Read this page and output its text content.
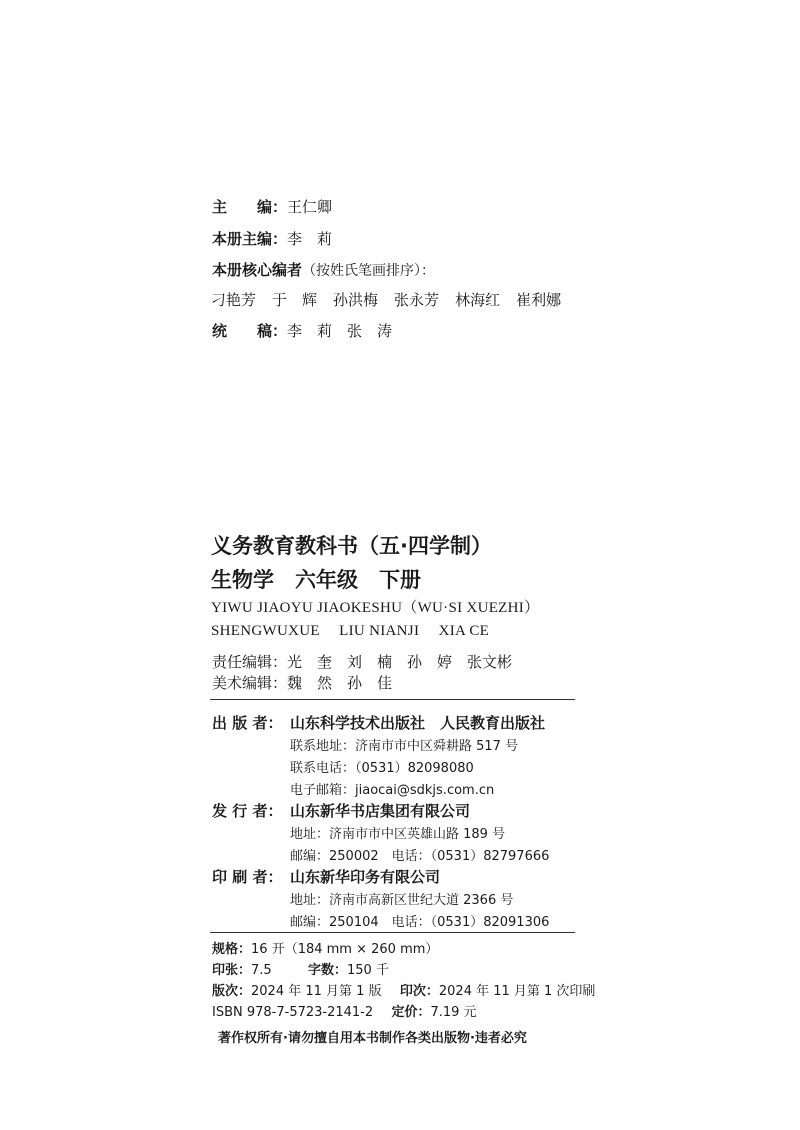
主　　编：王仁卿
本册主编：李　莉
本册核心编者（按姓氏笔画排序）：
刁艳芳 于　辉 孙洪梅 张永芳 林海红 崔利娜
统　　稿：李　莉　张　涛
义务教育教科书（五·四学制）
生物学　六年级　下册
YIWU JIAOYU JIAOKESHU（WU·SI XUEZHI）
SHENGWUXUE　 LIU NIANJI　 XIA CE
责任编辑：光　奎　刘　楠　孙　婷　张文彬
美术编辑：魏　然　孙　佳
出 版 者： 山东科学技术出版社　人民教育出版社
联系地址：济南市市中区舜耕路 517 号
联系电话：（0531）82098080
电子邮箱：jiaocai@sdkjs.com.cn
发 行 者： 山东新华书店集团有限公司
地址：济南市市中区英雄山路 189 号
邮编：250002　电话：（0531）82797666
印 刷 者： 山东新华印务有限公司
地址：济南市高新区世纪大道 2366 号
邮编：250104　电话：（0531）82091306
规格：16 开（184 mm × 260 mm）
印张：7.5	字数：150 千
版次：2024 年 11 月第 1 版 印次：2024 年 11 月第 1 次印刷
ISBN 978-7-5723-2141-2 定价：7.19 元
著作权所有·请勿擅自用本书制作各类出版物·违者必究
